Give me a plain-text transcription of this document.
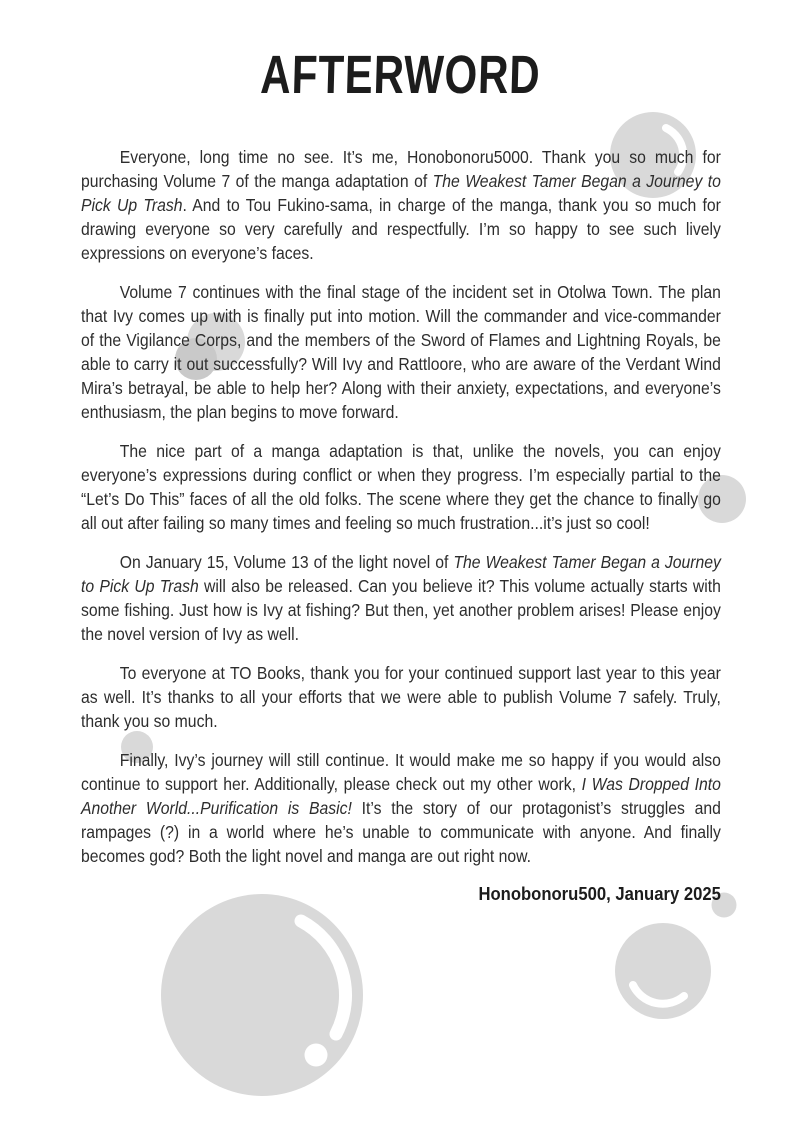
AFTERWORD

Everyone, long time no see. It’s me, Honobonoru5000. Thank you so much for purchasing Volume 7 of the manga adaptation of The Weakest Tamer Began a Journey to Pick Up Trash. And to Tou Fukino-sama, in charge of the manga, thank you so much for drawing everyone so very carefully and respectfully. I’m so happy to see such lively expressions on everyone’s faces.

Volume 7 continues with the final stage of the incident set in Otolwa Town. The plan that Ivy comes up with is finally put into motion. Will the commander and vice-commander of the Vigilance Corps, and the members of the Sword of Flames and Lightning Royals, be able to carry it out successfully? Will Ivy and Rattloore, who are aware of the Verdant Wind Mira’s betrayal, be able to help her? Along with their anxiety, expectations, and everyone’s enthusiasm, the plan begins to move forward.

The nice part of a manga adaptation is that, unlike the novels, you can enjoy everyone’s expressions during conflict or when they progress. I’m especially partial to the “Let’s Do This” faces of all the old folks. The scene where they get the chance to finally go all out after failing so many times and feeling so much frustration...it’s just so cool!

On January 15, Volume 13 of the light novel of The Weakest Tamer Began a Journey to Pick Up Trash will also be released. Can you believe it? This volume actually starts with some fishing. Just how is Ivy at fishing? But then, yet another problem arises! Please enjoy the novel version of Ivy as well.

To everyone at TO Books, thank you for your continued support last year to this year as well. It’s thanks to all your efforts that we were able to publish Volume 7 safely. Truly, thank you so much.

Finally, Ivy’s journey will still continue. It would make me so happy if you would also continue to support her. Additionally, please check out my other work, I Was Dropped Into Another World...Purification is Basic! It’s the story of our protagonist’s struggles and rampages (?) in a world where he’s unable to communicate with anyone. And finally becomes god? Both the light novel and manga are out right now.

Honobonoru500, January 2025
